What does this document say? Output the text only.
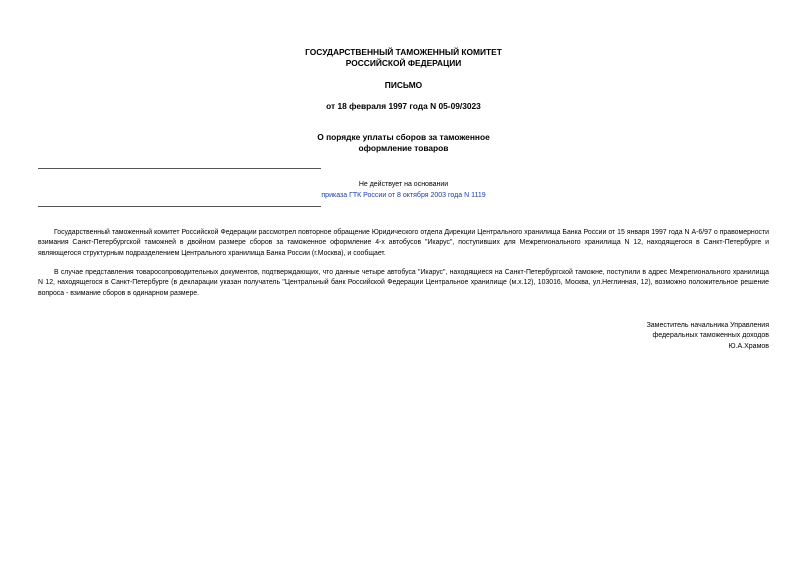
ГОСУДАРСТВЕННЫЙ ТАМОЖЕННЫЙ КОМИТЕТ
РОССИЙСКОЙ ФЕДЕРАЦИИ
ПИСЬМО
от 18 февраля 1997 года N 05-09/3023
О порядке уплаты сборов за таможенное
оформление товаров
Не действует на основании
приказа ГТК России от 8 октября 2003 года N 1119

Государственный таможенный комитет Российской Федерации рассмотрел повторное обращение Юридического отдела Дирекции Центрального хранилища Банка России от 15 января 1997 года N А-6/97 о правомерности взимания Санкт-Петербургской таможней в двойном размере сборов за таможенное оформление 4-х автобусов "Икарус", поступивших для Межрегионального хранилища N 12, находящегося в Санкт-Петербурге и являющегося структурным подразделением Центрального хранилища Банка России (г.Москва), и сообщает.

В случае представления товаросопроводительных документов, подтверждающих, что данные четыре автобуса "Икарус", находящиеся на Санкт-Петербургской таможне, поступили в адрес Межрегионального хранилища N 12, находящегося в Санкт-Петербурге (в декларации указан получатель "Центральный банк Российской Федерации Центральное хранилище (м.х.12), 103016, Москва, ул.Неглинная, 12), возможно положительное решение вопроса - взимание сборов в одинарном размере.

Заместитель начальника Управления
федеральных таможенных доходов
Ю.А.Храмов
